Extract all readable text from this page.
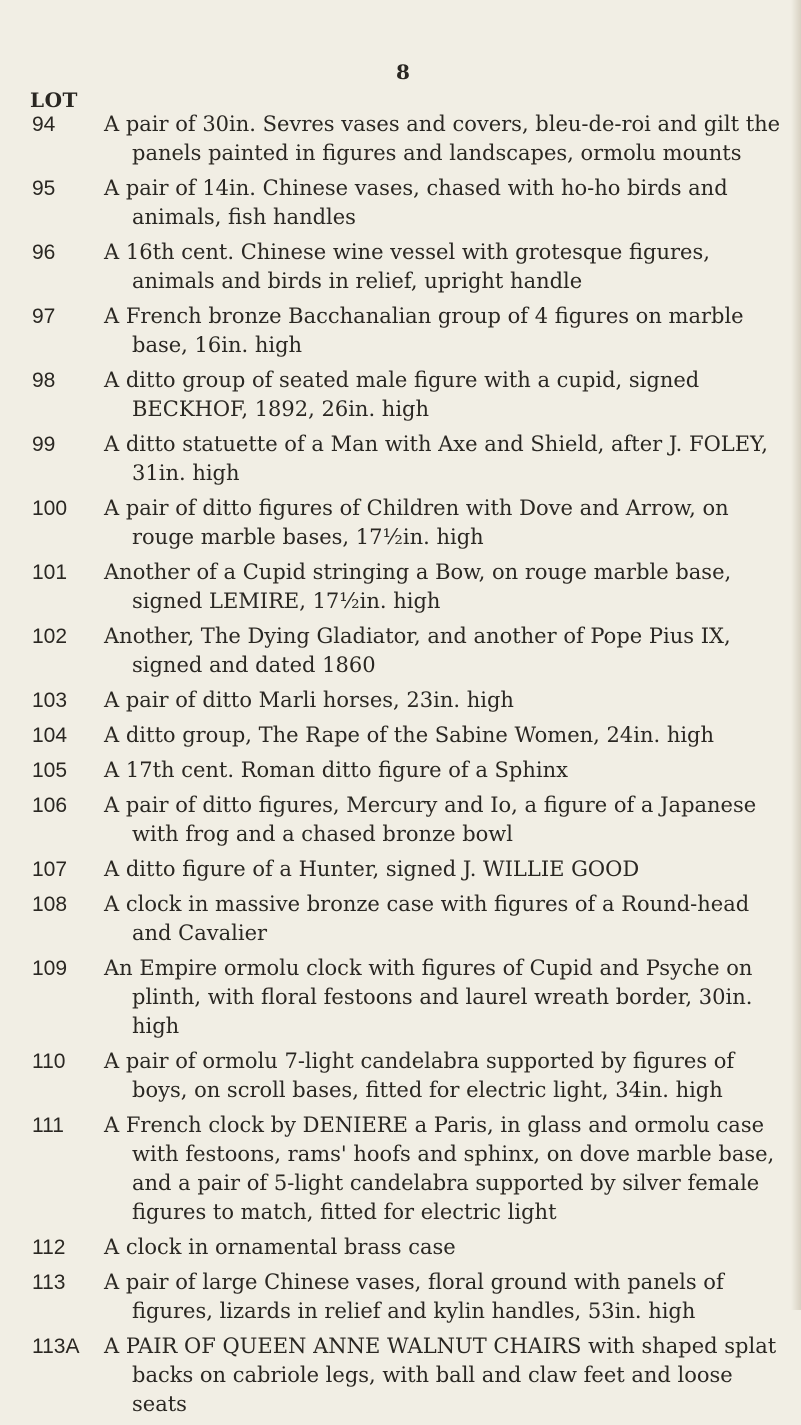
8
LOT
94	A pair of 30in. Sevres vases and covers, bleu-de-roi and gilt the panels painted in figures and landscapes, ormolu mounts
95	A pair of 14in. Chinese vases, chased with ho-ho birds and animals, fish handles
96	A 16th cent. Chinese wine vessel with grotesque figures, animals and birds in relief, upright handle
97	A French bronze Bacchanalian group of 4 figures on marble base, 16in. high
98	A ditto group of seated male figure with a cupid, signed BECKHOF, 1892, 26in. high
99	A ditto statuette of a Man with Axe and Shield, after J. FOLEY, 31in. high
100	A pair of ditto figures of Children with Dove and Arrow, on rouge marble bases, 17½in. high
101	Another of a Cupid stringing a Bow, on rouge marble base, signed LEMIRE, 17½in. high
102	Another, The Dying Gladiator, and another of Pope Pius IX, signed and dated 1860
103	A pair of ditto Marli horses, 23in. high
104	A ditto group, The Rape of the Sabine Women, 24in. high
105	A 17th cent. Roman ditto figure of a Sphinx
106	A pair of ditto figures, Mercury and Io, a figure of a Japanese with frog and a chased bronze bowl
107	A ditto figure of a Hunter, signed J. WILLIE GOOD
108	A clock in massive bronze case with figures of a Round-head and Cavalier
109	An Empire ormolu clock with figures of Cupid and Psyche on plinth, with floral festoons and laurel wreath border, 30in. high
110	A pair of ormolu 7-light candelabra supported by figures of boys, on scroll bases, fitted for electric light, 34in. high
111	A French clock by DENIERE a Paris, in glass and ormolu case with festoons, rams' hoofs and sphinx, on dove marble base, and a pair of 5-light candelabra supported by silver female figures to match, fitted for electric light
112	A clock in ornamental brass case
113	A pair of large Chinese vases, floral ground with panels of figures, lizards in relief and kylin handles, 53in. high
113A	A PAIR OF QUEEN ANNE WALNUT CHAIRS with shaped splat backs on cabriole legs, with ball and claw feet and loose seats
